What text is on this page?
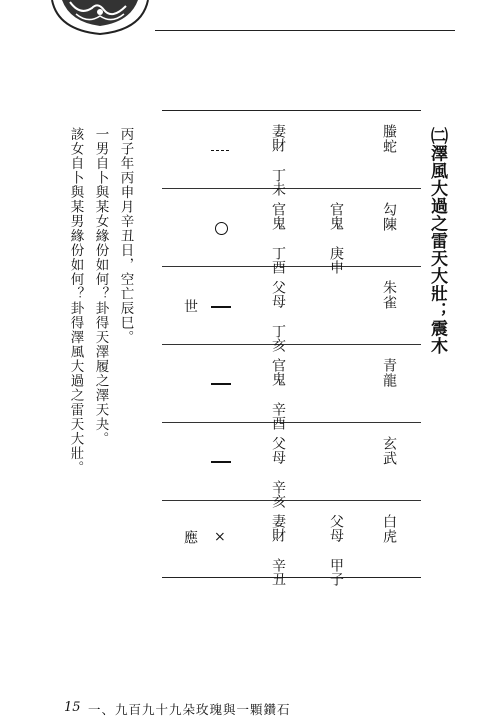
㈡澤風大過之雷天大壯；震木
螣蛇
勾陳
朱雀
青龍
玄武
白虎
官鬼 庚申
父母 甲子
妻財 丁未
官鬼 丁酉
父母 丁亥
官鬼 辛酉
父母 辛亥
妻財 辛丑
×
世
應
丙子年丙申月辛丑日，空亡辰巳。
一男自卜與某女緣份如何？卦得天澤履之澤天夬。
該女自卜與某男緣份如何？卦得澤風大過之雷天大壯。
15 一、九百九十九朵玫瑰與一顆鑽石
